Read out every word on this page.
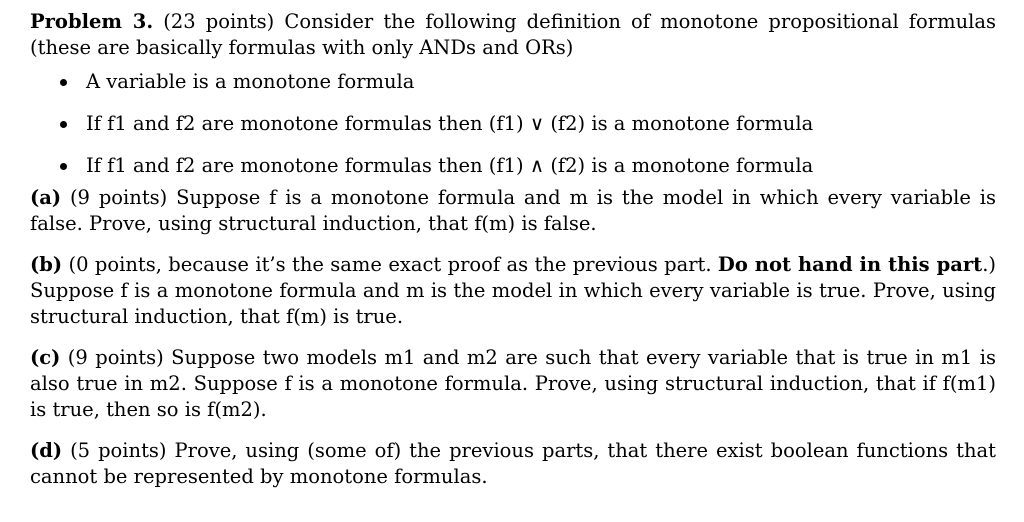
Problem 3. (23 points) Consider the following definition of monotone propositional formulas (these are basically formulas with only ANDs and ORs)

A variable is a monotone formula
If f1 and f2 are monotone formulas then (f1) ∨ (f2) is a monotone formula
If f1 and f2 are monotone formulas then (f1) ∧ (f2) is a monotone formula

(a) (9 points) Suppose f is a monotone formula and m is the model in which every variable is false. Prove, using structural induction, that f(m) is false.

(b) (0 points, because it’s the same exact proof as the previous part. Do not hand in this part.) Suppose f is a monotone formula and m is the model in which every variable is true. Prove, using structural induction, that f(m) is true.

(c) (9 points) Suppose two models m1 and m2 are such that every variable that is true in m1 is also true in m2. Suppose f is a monotone formula. Prove, using structural induction, that if f(m1) is true, then so is f(m2).

(d) (5 points) Prove, using (some of) the previous parts, that there exist boolean functions that cannot be represented by monotone formulas.
